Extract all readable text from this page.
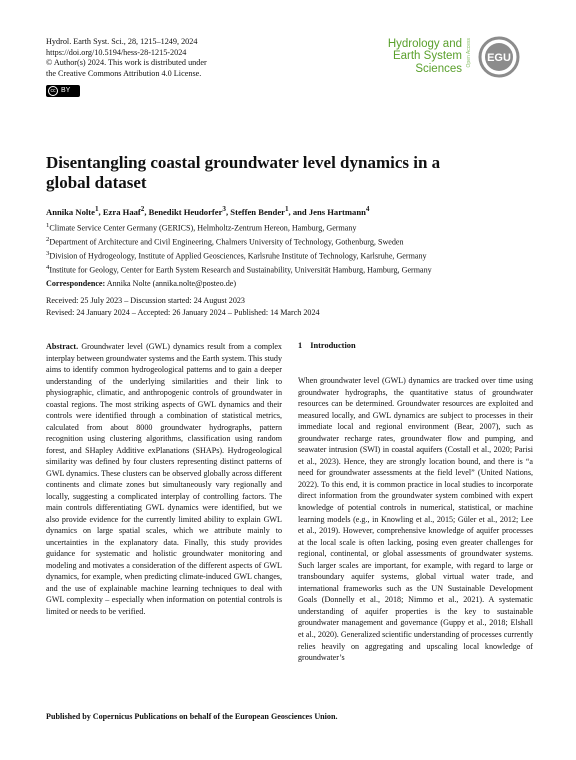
Hydrol. Earth Syst. Sci., 28, 1215–1249, 2024
https://doi.org/10.5194/hess-28-1215-2024
© Author(s) 2024. This work is distributed under
the Creative Commons Attribution 4.0 License.
cc BY
Hydrology and
Earth System
Sciences
Open Access EGU
Disentangling coastal groundwater level dynamics in a global dataset
Annika Nolte$^1$, Ezra Haaf$^2$, Benedikt Heudorfer$^3$, Steffen Bender$^1$, and Jens Hartmann$^4$
$^1$Climate Service Center Germany (GERICS), Helmholtz-Zentrum Hereon, Hamburg, Germany
$^2$Department of Architecture and Civil Engineering, Chalmers University of Technology, Gothenburg, Sweden
$^3$Division of Hydrogeology, Institute of Applied Geosciences, Karlsruhe Institute of Technology, Karlsruhe, Germany
$^4$Institute for Geology, Center for Earth System Research and Sustainability, Universität Hamburg, Hamburg, Germany
Correspondence: Annika Nolte (annika.nolte@posteo.de)

Received: 25 July 2023 – Discussion started: 24 August 2023

Revised: 24 January 2024 – Accepted: 26 January 2024 – Published: 14 March 2024

Abstract. Groundwater level (GWL) dynamics result from a complex interplay between groundwater systems and the Earth system. This study aims to identify common hydrogeological patterns and to gain a deeper understanding of the underlying similarities and their link to physiographic, climatic, and anthropogenic controls of groundwater in coastal regions. The most striking aspects of GWL dynamics and their controls were identified through a combination of statistical metrics, calculated from about 8000 groundwater hydrographs, pattern recognition using clustering algorithms, classification using random forest, and SHapley Additive exPlanations (SHAPs). Hydrogeological similarity was defined by four clusters representing distinct patterns of GWL dynamics. These clusters can be observed globally across different continents and climate zones but simultaneously vary regionally and locally, suggesting a complicated interplay of controlling factors. The main controls differentiating GWL dynamics were identified, but we also provide evidence for the currently limited ability to explain GWL dynamics on large spatial scales, which we attribute mainly to uncertainties in the explanatory data. Finally, this study provides guidance for systematic and holistic groundwater monitoring and modeling and motivates a consideration of the different aspects of GWL dynamics, for example, when predicting climate-induced GWL changes, and the use of explainable machine learning techniques to deal with GWL complexity – especially when information on potential controls is limited or needs to be verified.

1 Introduction

When groundwater level (GWL) dynamics are tracked over time using groundwater hydrographs, the quantitative status of groundwater resources can be determined. Groundwater resources are exploited and measured locally, and GWL dynamics are subject to processes in their immediate local and regional environment (Bear, 2007), such as groundwater recharge rates, groundwater flow and pumping, and seawater intrusion (SWI) in coastal aquifers (Costall et al., 2020; Parisi et al., 2023). Hence, they are strongly location bound, and there is “a need for groundwater assessments at the field level” (United Nations, 2022). To this end, it is common practice in local studies to incorporate direct information from the groundwater system combined with expert knowledge of potential controls in numerical, statistical, or machine learning models (e.g., in Knowling et al., 2015; Güler et al., 2012; Lee et al., 2019). However, comprehensive knowledge of aquifer processes at the local scale is often lacking, posing even greater challenges for regional, continental, or global assessments of groundwater systems. Such larger scales are important, for example, with regard to large or transboundary aquifer systems, global virtual water trade, and international frameworks such as the UN Sustainable Development Goals (Donnelly et al., 2018; Nimmo et al., 2021). A systematic understanding of aquifer properties is the key to sustainable groundwater management and governance (Guppy et al., 2018; Elshall et al., 2020). Generalized scientific understanding of processes currently relies heavily on aggregating and upscaling local knowledge of groundwater’s

Published by Copernicus Publications on behalf of the European Geosciences Union.
